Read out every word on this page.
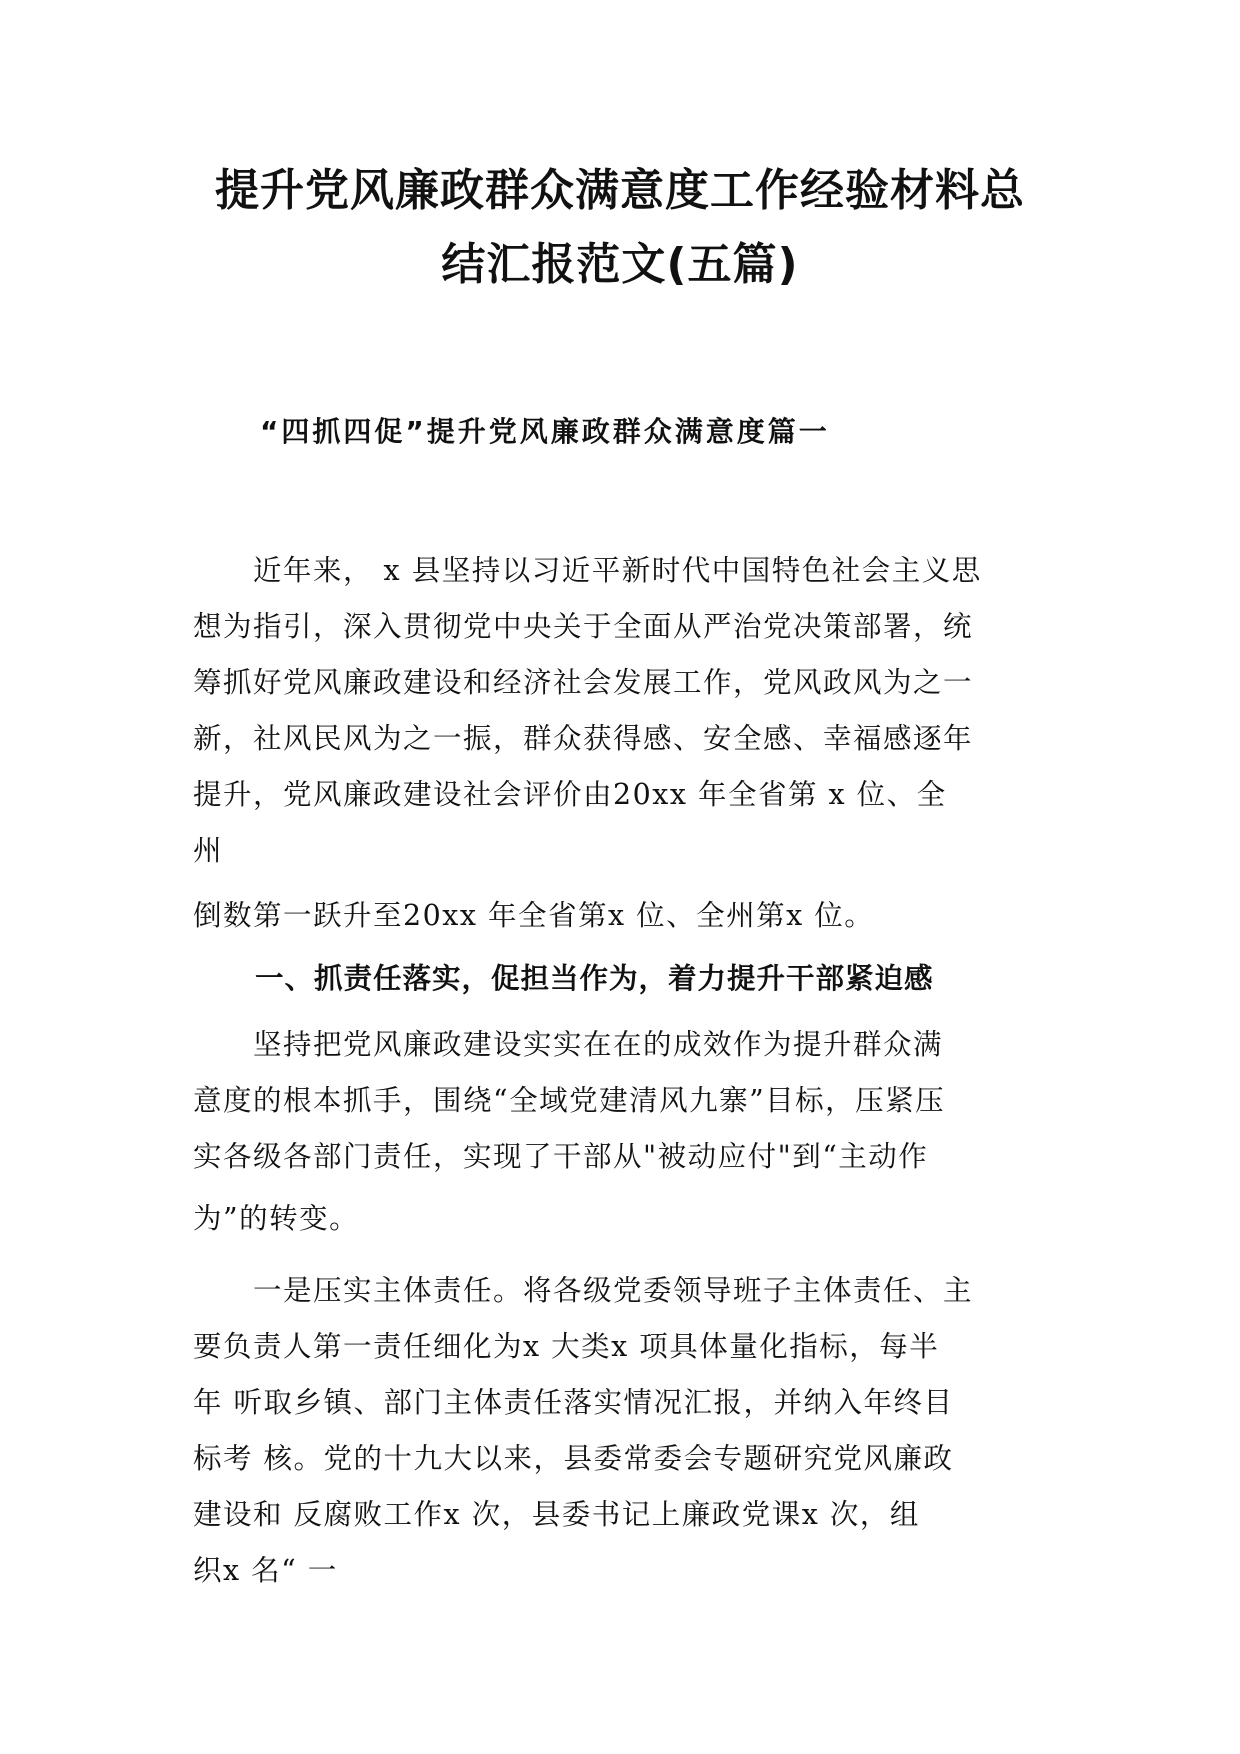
提升党风廉政群众满意度工作经验材料总
结汇报范文(五篇)
“四抓四促”提升党风廉政群众满意度篇一
近年来， x 县坚持以习近平新时代中国特色社会主义思
想为指引，深入贯彻党中央关于全面从严治党决策部署，统
筹抓好党风廉政建设和经济社会发展工作，党风政风为之一
新，社风民风为之一振，群众获得感、安全感、幸福感逐年
提升，党风廉政建设社会评价由20xx 年全省第 x 位、全
州
倒数第一跃升至20xx 年全省第x 位、全州第x 位。
一、抓责任落实，促担当作为，着力提升干部紧迫感
坚持把党风廉政建设实实在在的成效作为提升群众满
意度的根本抓手，围绕“全域党建清风九寨”目标，压紧压
实各级各部门责任，实现了干部从"被动应付"到“主动作
为”的转变。
一是压实主体责任。将各级党委领导班子主体责任、主
要负责人第一责任细化为x 大类x 项具体量化指标，每半
年 听取乡镇、部门主体责任落实情况汇报，并纳入年终目
标考 核。党的十九大以来，县委常委会专题研究党风廉政
建设和 反腐败工作x 次，县委书记上廉政党课x 次，组
织x 名“ 一
